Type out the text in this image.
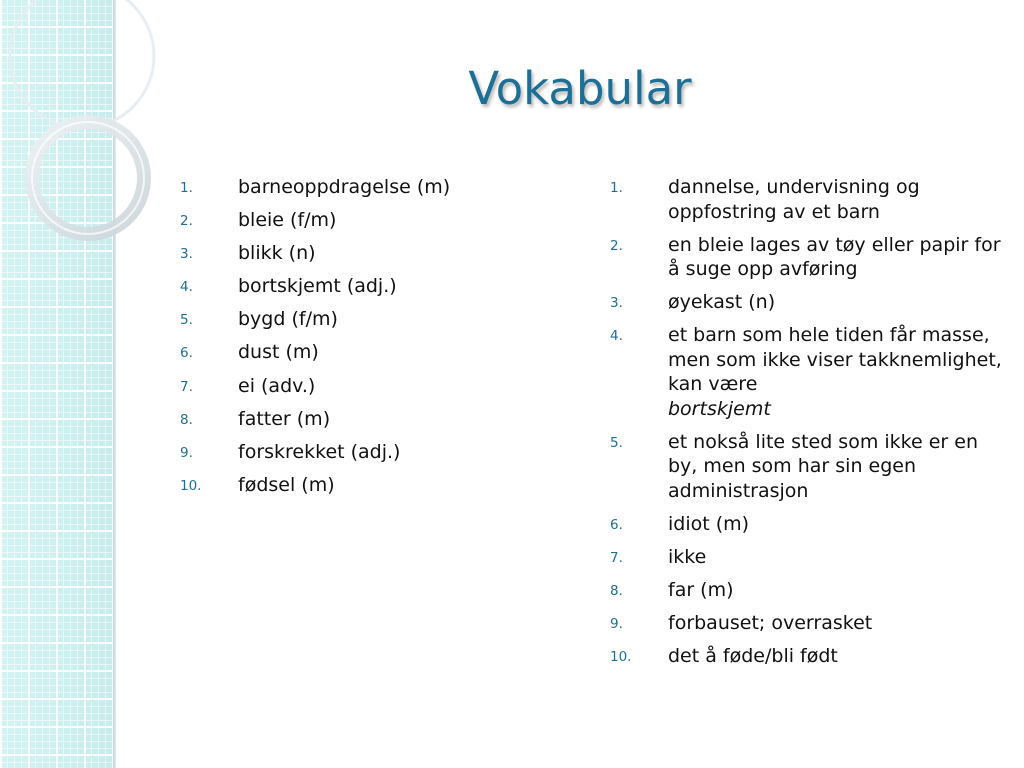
Vokabular
1. barneoppdragelse (m)
2. bleie (f/m)
3. blikk (n)
4. bortskjemt (adj.)
5. bygd (f/m)
6. dust (m)
7. ei (adv.)
8. fatter (m)
9. forskrekket (adj.)
10. fødsel (m)
1. dannelse, undervisning og oppfostring av et barn
2. en bleie lages av tøy eller papir for å suge opp avføring
3. øyekast (n)
4. et barn som hele tiden får masse, men som ikke viser takknemlighet, kan være
bortskjemt
5. et nokså lite sted som ikke er en by, men som har sin egen administrasjon
6. idiot (m)
7. ikke
8. far (m)
9. forbauset; overrasket
10. det å føde/bli født
